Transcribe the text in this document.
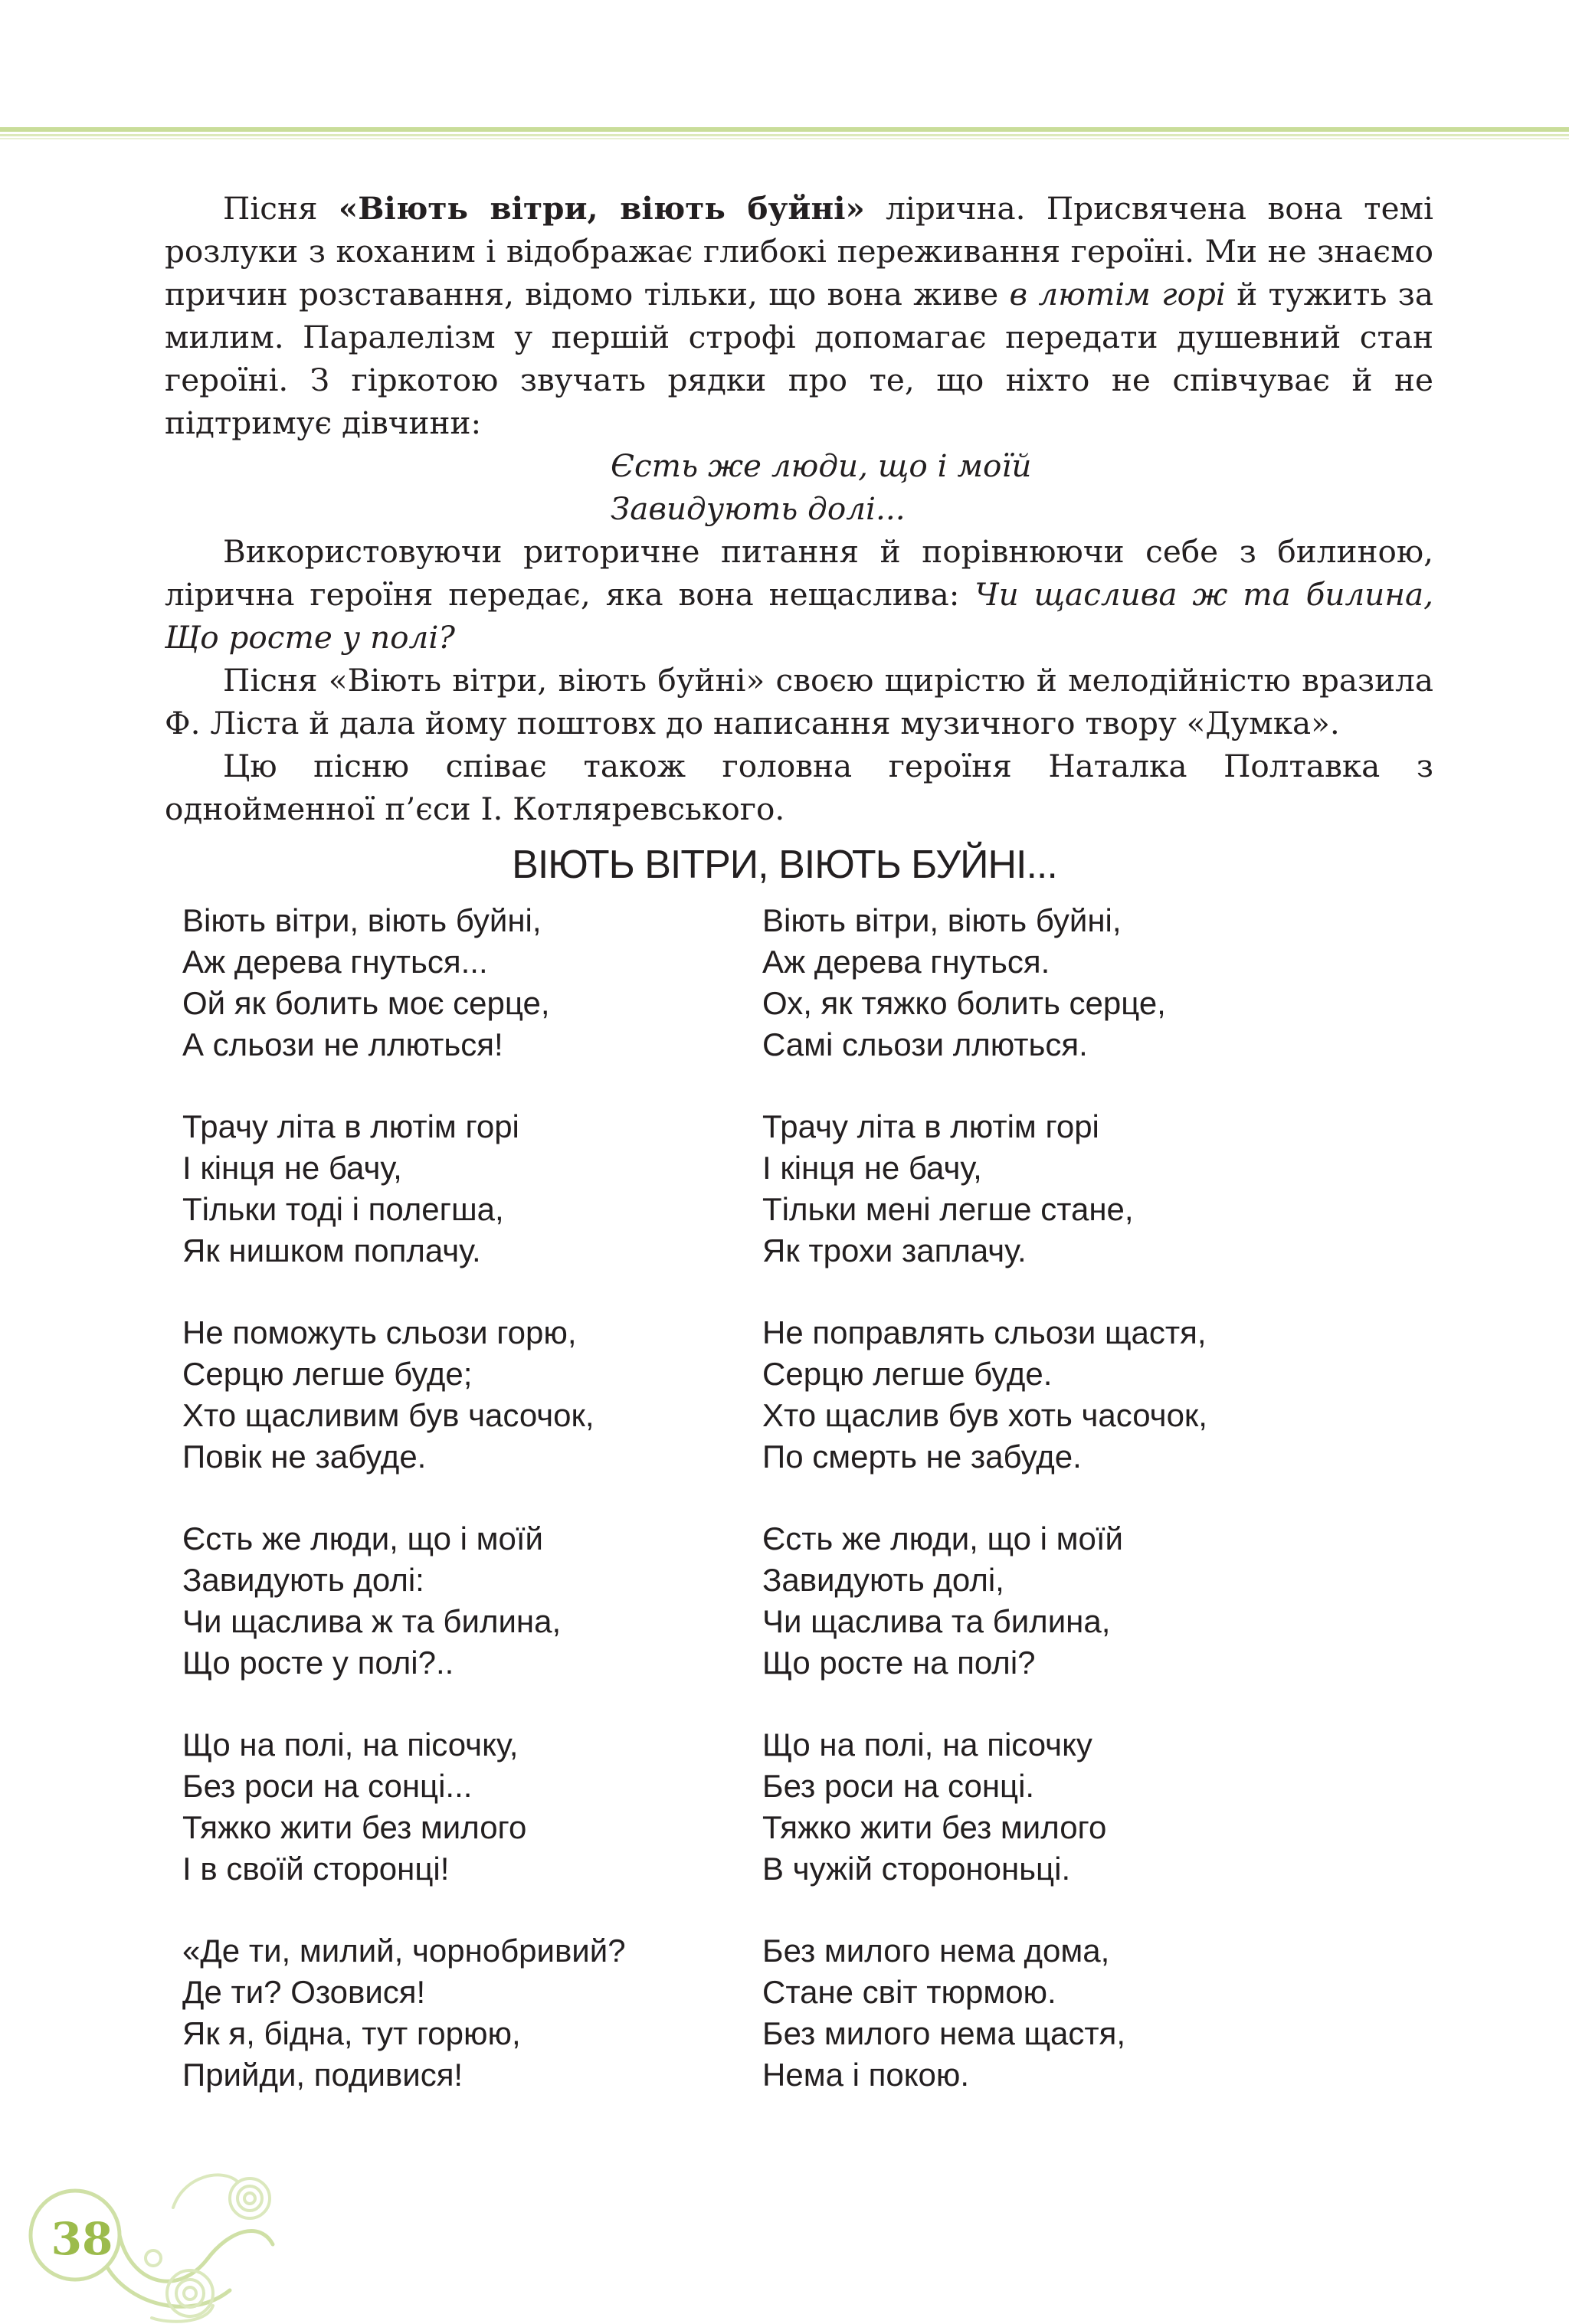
Пісня «Віють вітри, віють буйні» лірична. Присвячена вона темі розлуки з коханим і відображає глибокі переживання героїні. Ми не знаємо причин розставання, відомо тільки, що вона живе в лютім горі й тужить за милим. Паралелізм у першій строфі допомагає передати душевний стан героїні. З гіркотою звучать рядки про те, що ніхто не співчуває й не підтримує дівчини:

Єсть же люди, що і моїй
Завидують долі...

Використовуючи риторичне питання й порівнюючи себе з билиною, лірична героїня передає, яка вона нещаслива: Чи щаслива ж та билина, Що росте у полі?

Пісня «Віють вітри, віють буйні» своєю щирістю й мелодійністю вразила Ф. Ліста й дала йому поштовх до написання музичного твору «Думка».

Цю пісню співає також головна героїня Наталка Полтавка з однойменної п’єси І. Котляревського.

ВІЮТЬ ВІТРИ, ВІЮТЬ БУЙНІ...
Віють вітри, віють буйні,
Аж дерева гнуться...
Ой як болить моє серце,
А сльози не ллються!
Трачу літа в лютім горі
І кінця не бачу,
Тільки тоді і полегша,
Як нишком поплачу.
Не поможуть сльози горю,
Серцю легше буде;
Хто щасливим був часочок,
Повік не забуде.
Єсть же люди, що і моїй
Завидують долі:
Чи щаслива ж та билина,
Що росте у полі?..
Що на полі, на пісочку,
Без роси на сонці...
Тяжко жити без милого
І в своїй сторонці!
«Де ти, милий, чорнобривий?
Де ти? Озовися!
Як я, бідна, тут горюю,
Прийди, подивися!
Віють вітри, віють буйні,
Аж дерева гнуться.
Ох, як тяжко болить серце,
Самі сльози ллються.
Трачу літа в лютім горі
І кінця не бачу,
Тільки мені легше стане,
Як трохи заплачу.
Не поправлять сльози щастя,
Серцю легше буде.
Хто щаслив був хоть часочок,
По смерть не забуде.
Єсть же люди, що і моїй
Завидують долі,
Чи щаслива та билина,
Що росте на полі?
Що на полі, на пісочку
Без роси на сонці.
Тяжко жити без милого
В чужій сторононьці.
Без милого нема дома,
Стане світ тюрмою.
Без милого нема щастя,
Нема і покою.
38
